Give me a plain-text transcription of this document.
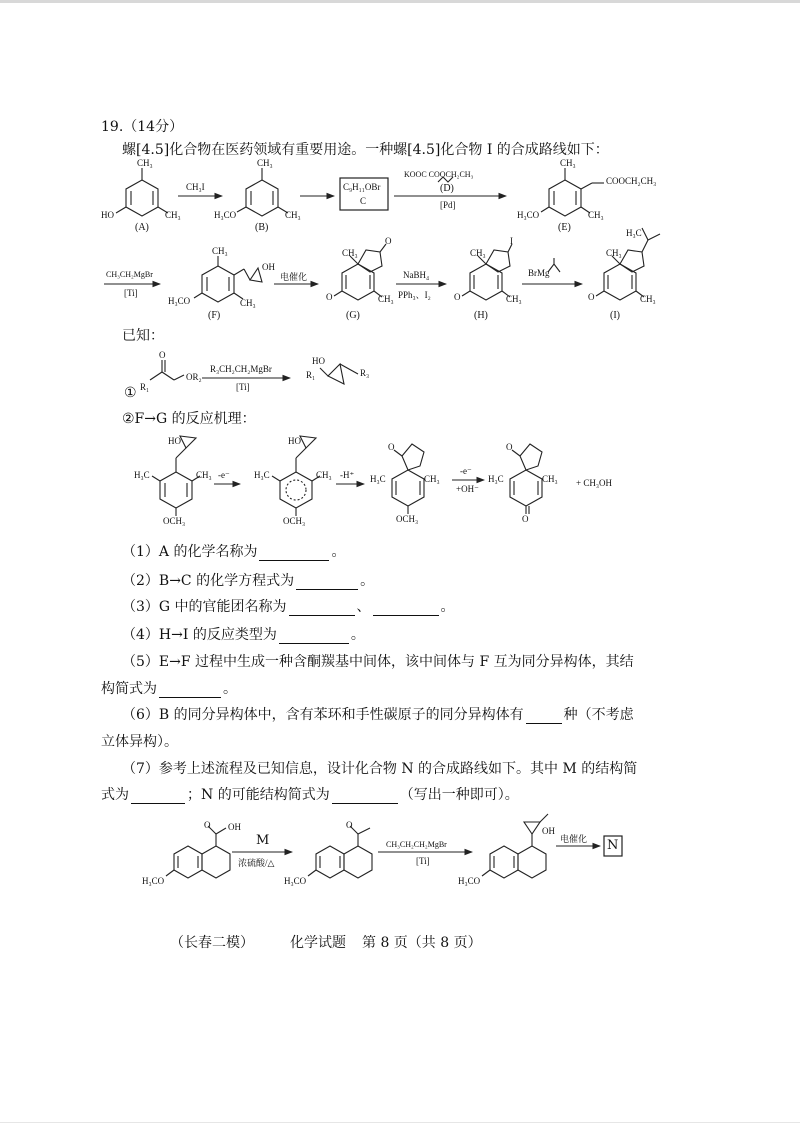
19.（14分）
螺[4.5]化合物在医药领域有重要用途。一种螺[4.5]化合物 I 的合成路线如下：
CH₃
HO	CH₃
(A)
CH₃I
CH₃
H₃CO	CH₃
(B)
C₉H₁₁OBr
C
KOOC COOCH₂CH₃
(D)
[Pd]
CH₃
COOCH₂CH₃
H₃CO	CH₃
(E)
CH₃CH₂MgBr
[Ti]
CH₃
OH
H₃CO	CH₃
(F)
电催化
O
CH₃
O	CH₃
(G)
NaBH₄
PPh₃、I₂
I
CH₃
O	CH₃
(H)
BrMg
H₃C
CH₃
O	CH₃
(I)
已知：
①
O
R₁
OR₂
R₃CH₂CH₂MgBr
[Ti]
HO
R₁	R₃
②F→G 的反应机理：
HO
H₃C	CH₃
OCH₃
-e⁻
HO
H₃C	CH₃
OCH₃
-H⁺
O
H₃C	CH₃
OCH₃
-e⁻
+OH⁻
O
H₃C	CH₃
O
+ CH₃OH
（1）A 的化学名称为	。
（2）B→C 的化学方程式为	。
（3）G 中的官能团名称为	、	。
（4）H→I 的反应类型为	。
（5）E→F 过程中生成一种含酮羰基中间体，该中间体与 F 互为同分异构体，其结
构简式为	。
（6）B 的同分异构体中，含有苯环和手性碳原子的同分异构体有	种（不考虑
立体异构）。
（7）参考上述流程及已知信息，设计化合物 N 的合成路线如下。其中 M 的结构简
式为	；N 的可能结构简式为	（写出一种即可）。
OH
O
H₃CO
M
浓硫酸/△
O
H₃CO
CH₃CH₂CH₂MgBr
[Ti]
OH
H₃CO
电催化 N
（长春二模）	化学试题 第 8 页（共 8 页）
